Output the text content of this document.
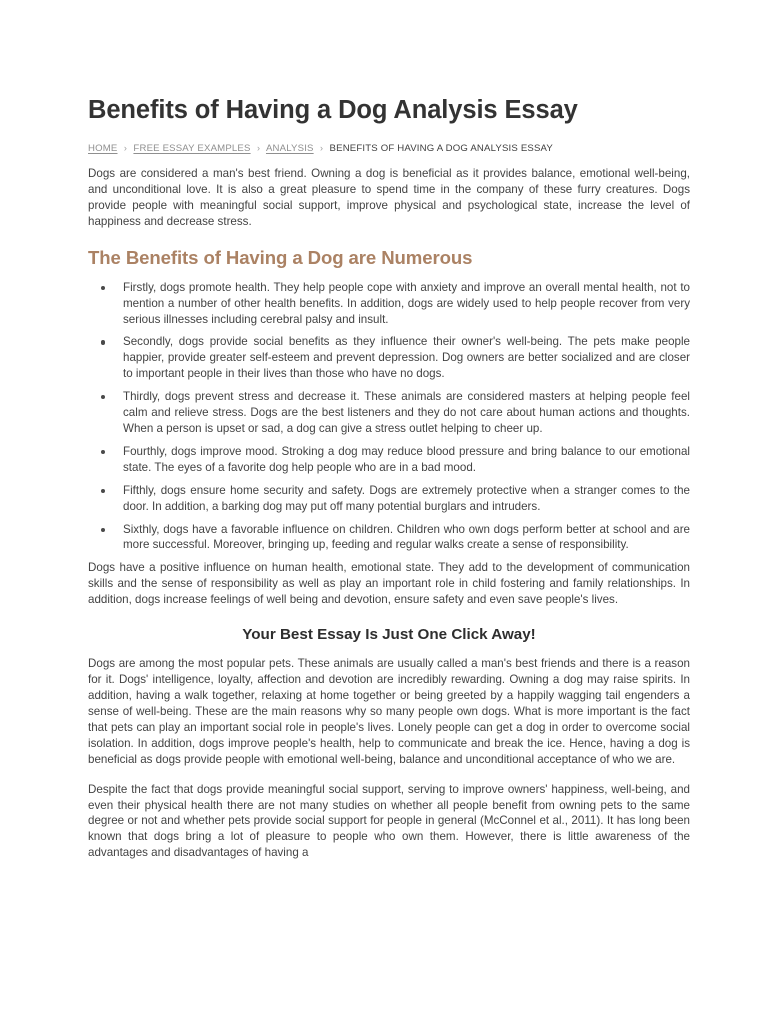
Benefits of Having a Dog Analysis Essay
HOME › FREE ESSAY EXAMPLES › ANALYSIS › BENEFITS OF HAVING A DOG ANALYSIS ESSAY

Dogs are considered a man's best friend. Owning a dog is beneficial as it provides balance, emotional well-being, and unconditional love. It is also a great pleasure to spend time in the company of these furry creatures. Dogs provide people with meaningful social support, improve physical and psychological state, increase the level of happiness and decrease stress.

The Benefits of Having a Dog are Numerous
Firstly, dogs promote health. They help people cope with anxiety and improve an overall mental health, not to mention a number of other health benefits. In addition, dogs are widely used to help people recover from very serious illnesses including cerebral palsy and insult.
Secondly, dogs provide social benefits as they influence their owner's well-being. The pets make people happier, provide greater self-esteem and prevent depression. Dog owners are better socialized and are closer to important people in their lives than those who have no dogs.
Thirdly, dogs prevent stress and decrease it. These animals are considered masters at helping people feel calm and relieve stress. Dogs are the best listeners and they do not care about human actions and thoughts. When a person is upset or sad, a dog can give a stress outlet helping to cheer up.
Fourthly, dogs improve mood. Stroking a dog may reduce blood pressure and bring balance to our emotional state. The eyes of a favorite dog help people who are in a bad mood.
Fifthly, dogs ensure home security and safety. Dogs are extremely protective when a stranger comes to the door. In addition, a barking dog may put off many potential burglars and intruders.
Sixthly, dogs have a favorable influence on children. Children who own dogs perform better at school and are more successful. Moreover, bringing up, feeding and regular walks create a sense of responsibility.

Dogs have a positive influence on human health, emotional state. They add to the development of communication skills and the sense of responsibility as well as play an important role in child fostering and family relationships. In addition, dogs increase feelings of well being and devotion, ensure safety and even save people's lives.

Your Best Essay Is Just One Click Away!

Dogs are among the most popular pets. These animals are usually called a man's best friends and there is a reason for it. Dogs' intelligence, loyalty, affection and devotion are incredibly rewarding. Owning a dog may raise spirits. In addition, having a walk together, relaxing at home together or being greeted by a happily wagging tail engenders a sense of well-being. These are the main reasons why so many people own dogs. What is more important is the fact that pets can play an important social role in people's lives. Lonely people can get a dog in order to overcome social isolation. In addition, dogs improve people's health, help to communicate and break the ice. Hence, having a dog is beneficial as dogs provide people with emotional well-being, balance and unconditional acceptance of who we are.

Despite the fact that dogs provide meaningful social support, serving to improve owners' happiness, well-being, and even their physical health there are not many studies on whether all people benefit from owning pets to the same degree or not and whether pets provide social support for people in general (McConnel et al., 2011). It has long been known that dogs bring a lot of pleasure to people who own them. However, there is little awareness of the advantages and disadvantages of having a
